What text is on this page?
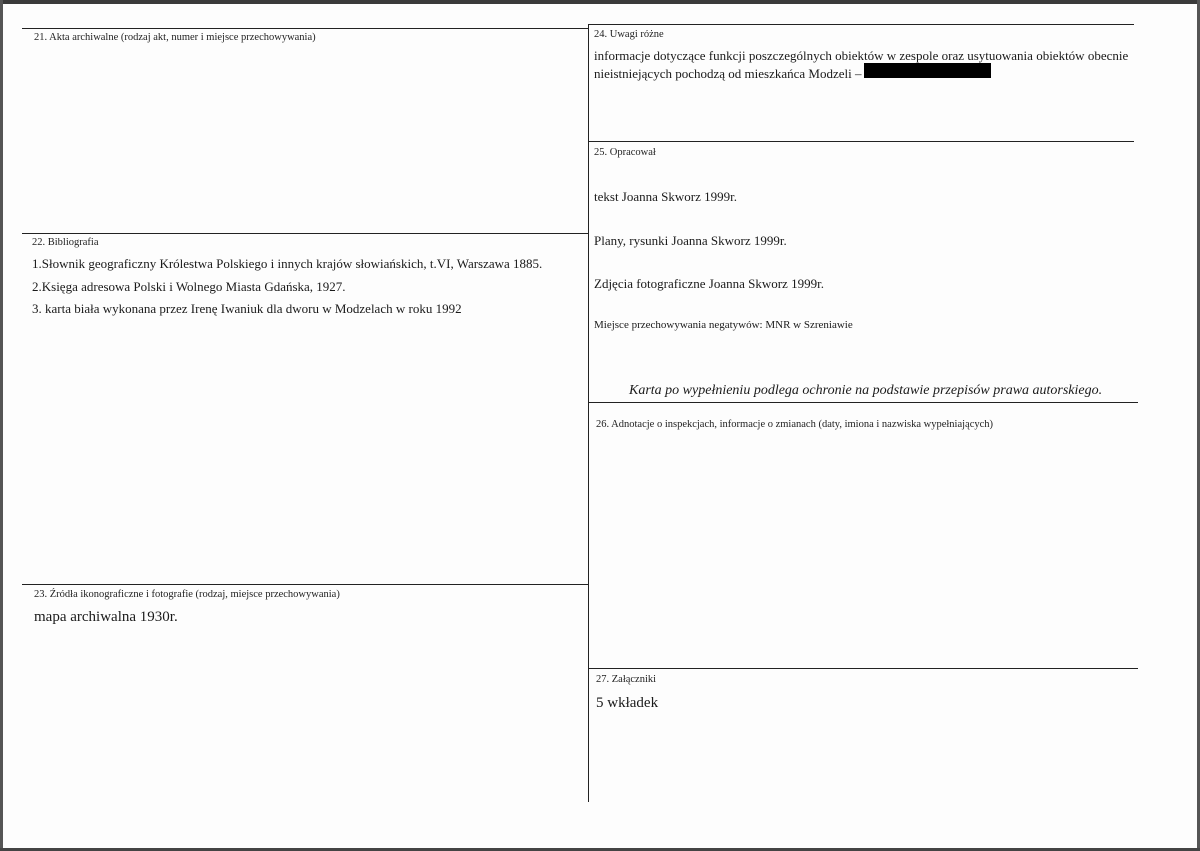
21. Akta archiwalne (rodzaj akt, numer i miejsce przechowywania)
22. Bibliografia
1.Słownik geograficzny Królestwa Polskiego i innych krajów słowiańskich, t.VI, Warszawa 1885.
2.Księga adresowa Polski i Wolnego Miasta Gdańska, 1927.
3. karta biała wykonana przez Irenę Iwaniuk dla dworu w Modzelach w roku 1992
23. Źródła ikonograficzne i fotografie (rodzaj, miejsce przechowywania)
mapa archiwalna 1930r.
24. Uwagi różne
informacje dotyczące funkcji poszczególnych obiektów w zespole oraz usytuowania obiektów obecnie
nieistniejących pochodzą od mieszkańca Modzeli –
25. Opracował
tekst Joanna Skworz 1999r.
Plany, rysunki Joanna Skworz 1999r.
Zdjęcia fotograficzne Joanna Skworz 1999r.
Miejsce przechowywania negatywów: MNR w Szreniawie
Karta po wypełnieniu podlega ochronie na podstawie przepisów prawa autorskiego.
26. Adnotacje o inspekcjach, informacje o zmianach (daty, imiona i nazwiska wypełniających)
27. Załączniki
5 wkładek
